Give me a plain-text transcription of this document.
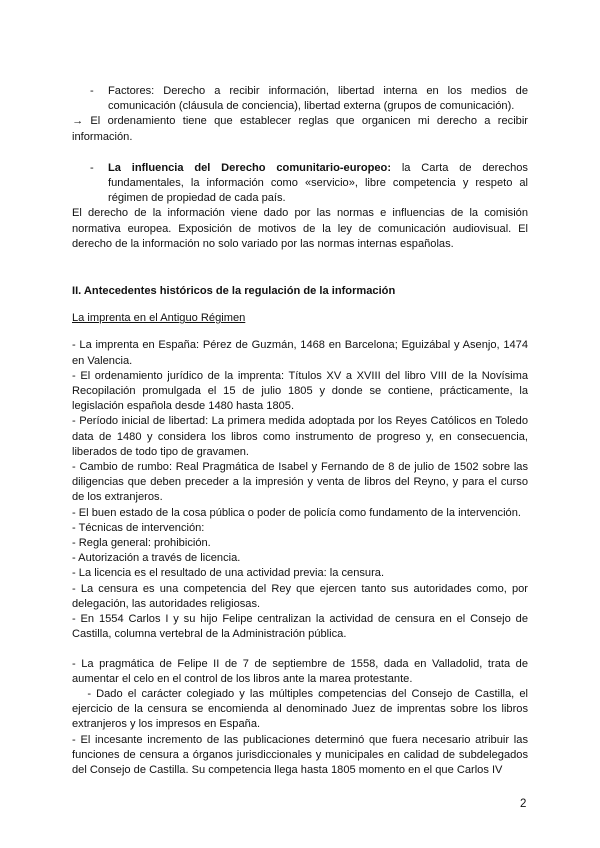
- Factores: Derecho a recibir información, libertad interna en los medios de comunicación (cláusula de conciencia), libertad externa (grupos de comunicación).

→ El ordenamiento tiene que establecer reglas que organicen mi derecho a recibir información.

- La influencia del Derecho comunitario-europeo: la Carta de derechos fundamentales, la información como «servicio», libre competencia y respeto al régimen de propiedad de cada país.

El derecho de la información viene dado por las normas e influencias de la comisión normativa europea. Exposición de motivos de la ley de comunicación audiovisual. El derecho de la información no solo variado por las normas internas españolas.

II. Antecedentes históricos de la regulación de la información

La imprenta en el Antiguo Régimen

- La imprenta en España: Pérez de Guzmán, 1468 en Barcelona; Eguizábal y Asenjo, 1474 en Valencia.

- El ordenamiento jurídico de la imprenta: Títulos XV a XVIII del libro VIII de la Novísima Recopilación promulgada el 15 de julio 1805 y donde se contiene, prácticamente, la legislación española desde 1480 hasta 1805.

- Período inicial de libertad: La primera medida adoptada por los Reyes Católicos en Toledo data de 1480 y considera los libros como instrumento de progreso y, en consecuencia, liberados de todo tipo de gravamen.

- Cambio de rumbo: Real Pragmática de Isabel y Fernando de 8 de julio de 1502 sobre las diligencias que deben preceder a la impresión y venta de libros del Reyno, y para el curso de los extranjeros.

- El buen estado de la cosa pública o poder de policía como fundamento de la intervención.

- Técnicas de intervención:

- Regla general: prohibición.

- Autorización a través de licencia.

- La licencia es el resultado de una actividad previa: la censura.

- La censura es una competencia del Rey que ejercen tanto sus autoridades como, por delegación, las autoridades religiosas.

- En 1554 Carlos I y su hijo Felipe centralizan la actividad de censura en el Consejo de Castilla, columna vertebral de la Administración pública.

- La pragmática de Felipe II de 7 de septiembre de 1558, dada en Valladolid, trata de aumentar el celo en el control de los libros ante la marea protestante.

- Dado el carácter colegiado y las múltiples competencias del Consejo de Castilla, el ejercicio de la censura se encomienda al denominado Juez de imprentas sobre los libros extranjeros y los impresos en España.

- El incesante incremento de las publicaciones determinó que fuera necesario atribuir las funciones de censura a órganos jurisdiccionales y municipales en calidad de subdelegados del Consejo de Castilla. Su competencia llega hasta 1805 momento en el que Carlos IV

2
